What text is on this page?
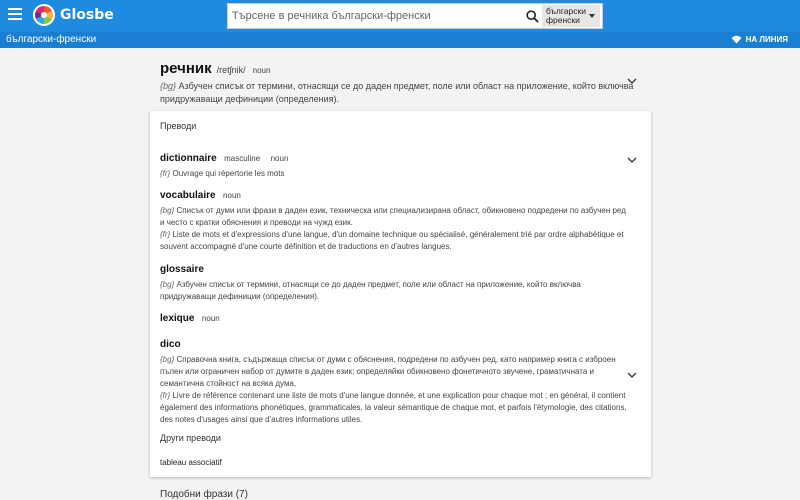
Glosbe
Търсене в речника български-френски	български
френски
български-френски	НА ЛИНИЯ
речник /retʃnik/ noun
{bg} Азбучен списък от термини, отнасящи се до даден предмет, поле или област на приложение, който включва придружаващи дефиниции (определения).
Преводи
dictionnaire masculine noun
{fr} Ouvrage qui répertorie les mots
vocabulaire noun
{bg} Списък от думи или фрази в даден език, техническа или специализирана област, обикновено подредени по азбучен ред и често с кратки обяснения и преводи на чужд език.
{fr} Liste de mots et d'expressions d'une langue, d'un domaine technique ou spécialisé, généralement trié par ordre alphabétique et souvent accompagné d'une courte définition et de traductions en d'autres langues.
glossaire
{bg} Азбучен списък от термини, отнасящи се до даден предмет, поле или област на приложение, който включва придружаващи дефиниции (определения).
lexique noun
dico
{bg} Справочна книга, съдържаща списък от думи с обяснения, подредени по азбучен ред, като например книга с изброен пълен или ограничен набор от думите в даден език; определяйки обикновено фонетичното звучене, граматичната и семантична стойност на всяка дума,
{fr} Livre de référence contenant une liste de mots d'une langue donnée, et une explication pour chaque mot ; en général, il contient également des informations phonétiques, grammaticales, la valeur sémantique de chaque mot, et parfois l'étymologie, des citations, des notes d'usages ainsi que d'autres informations utiles.
Други преводи
tableau associatif
Подобни фрази (7)
